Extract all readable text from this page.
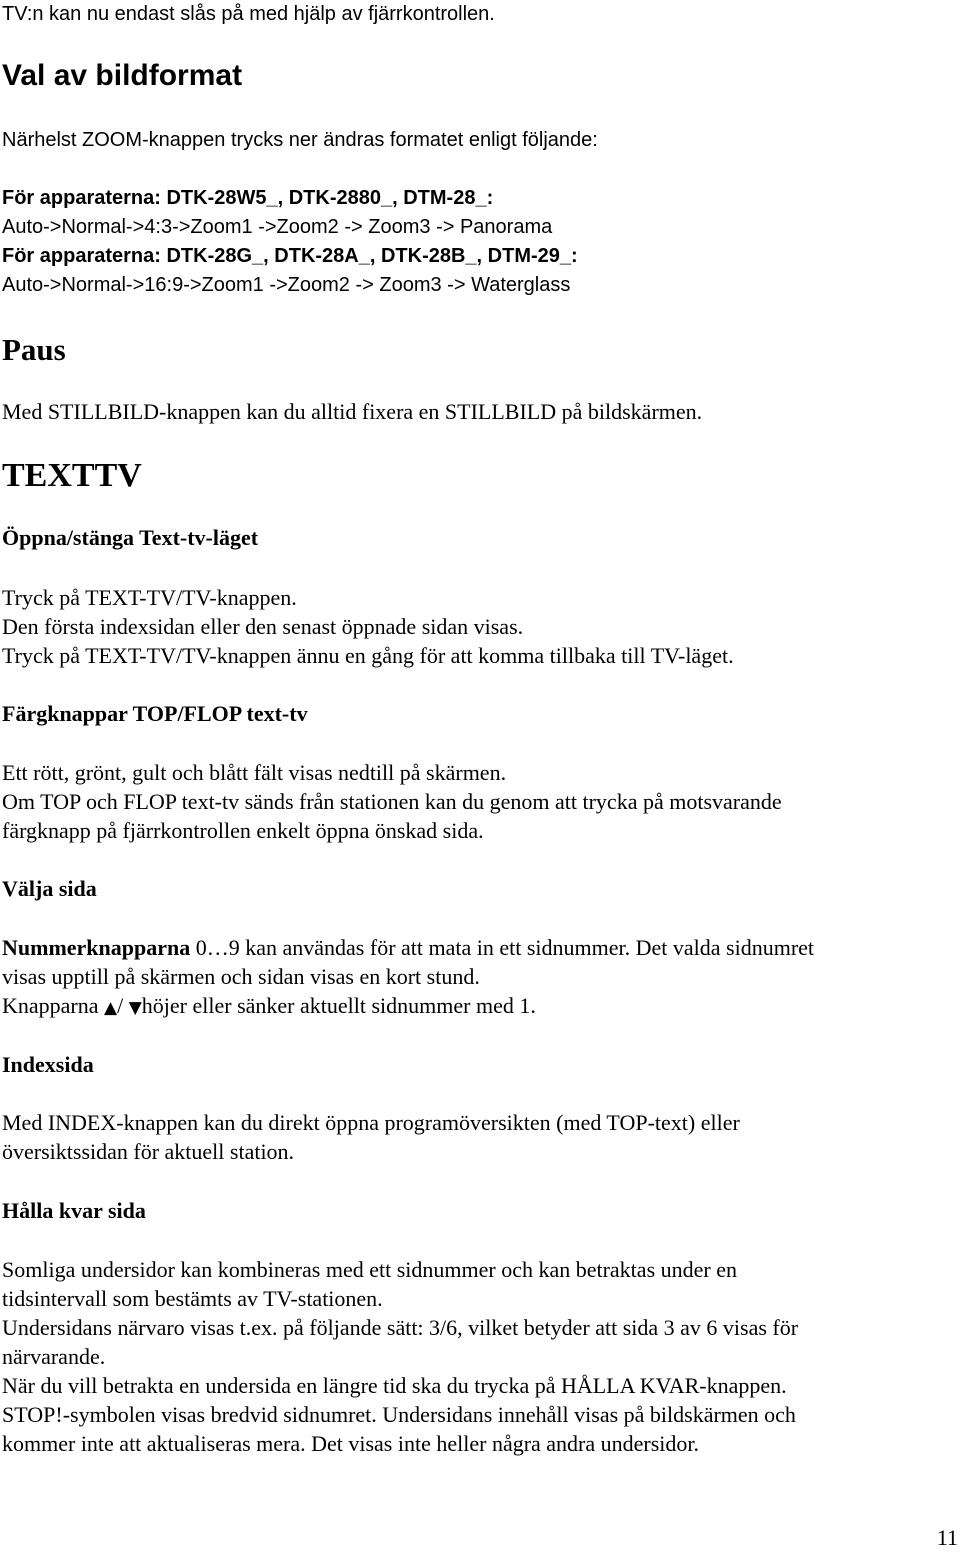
TV:n kan nu endast slås på med hjälp av fjärrkontrollen.
Val av bildformat
Närhelst ZOOM-knappen trycks ner ändras formatet enligt följande:
För apparaterna: DTK-28W5_, DTK-2880_, DTM-28_:
Auto->Normal->4:3->Zoom1 ->Zoom2 -> Zoom3 -> Panorama
För apparaterna: DTK-28G_, DTK-28A_, DTK-28B_, DTM-29_:
Auto->Normal->16:9->Zoom1 ->Zoom2 -> Zoom3 -> Waterglass
Paus
Med STILLBILD-knappen kan du alltid fixera en STILLBILD på bildskärmen.
TEXTTV
Öppna/stänga Text-tv-läget
Tryck på TEXT-TV/TV-knappen.
Den första indexsidan eller den senast öppnade sidan visas.
Tryck på TEXT-TV/TV-knappen ännu en gång för att komma tillbaka till TV-läget.
Färgknappar TOP/FLOP text-tv
Ett rött, grönt, gult och blått fält visas nedtill på skärmen.
Om TOP och FLOP text-tv sänds från stationen kan du genom att trycka på motsvarande
färgknapp på fjärrkontrollen enkelt öppna önskad sida.
Välja sida
Nummerknapparna 0…9 kan användas för att mata in ett sidnummer. Det valda sidnumret
visas upptill på skärmen och sidan visas en kort stund.
Knapparna ▲/ ▼höjer eller sänker aktuellt sidnummer med 1.
Indexsida
Med INDEX-knappen kan du direkt öppna programöversikten (med TOP-text) eller
översiktssidan för aktuell station.
Hålla kvar sida
Somliga undersidor kan kombineras med ett sidnummer och kan betraktas under en
tidsintervall som bestämts av TV-stationen.
Undersidans närvaro visas t.ex. på följande sätt: 3/6, vilket betyder att sida 3 av 6 visas för
närvarande.
När du vill betrakta en undersida en längre tid ska du trycka på HÅLLA KVAR-knappen.
STOP!-symbolen visas bredvid sidnumret. Undersidans innehåll visas på bildskärmen och
kommer inte att aktualiseras mera. Det visas inte heller några andra undersidor.
11
